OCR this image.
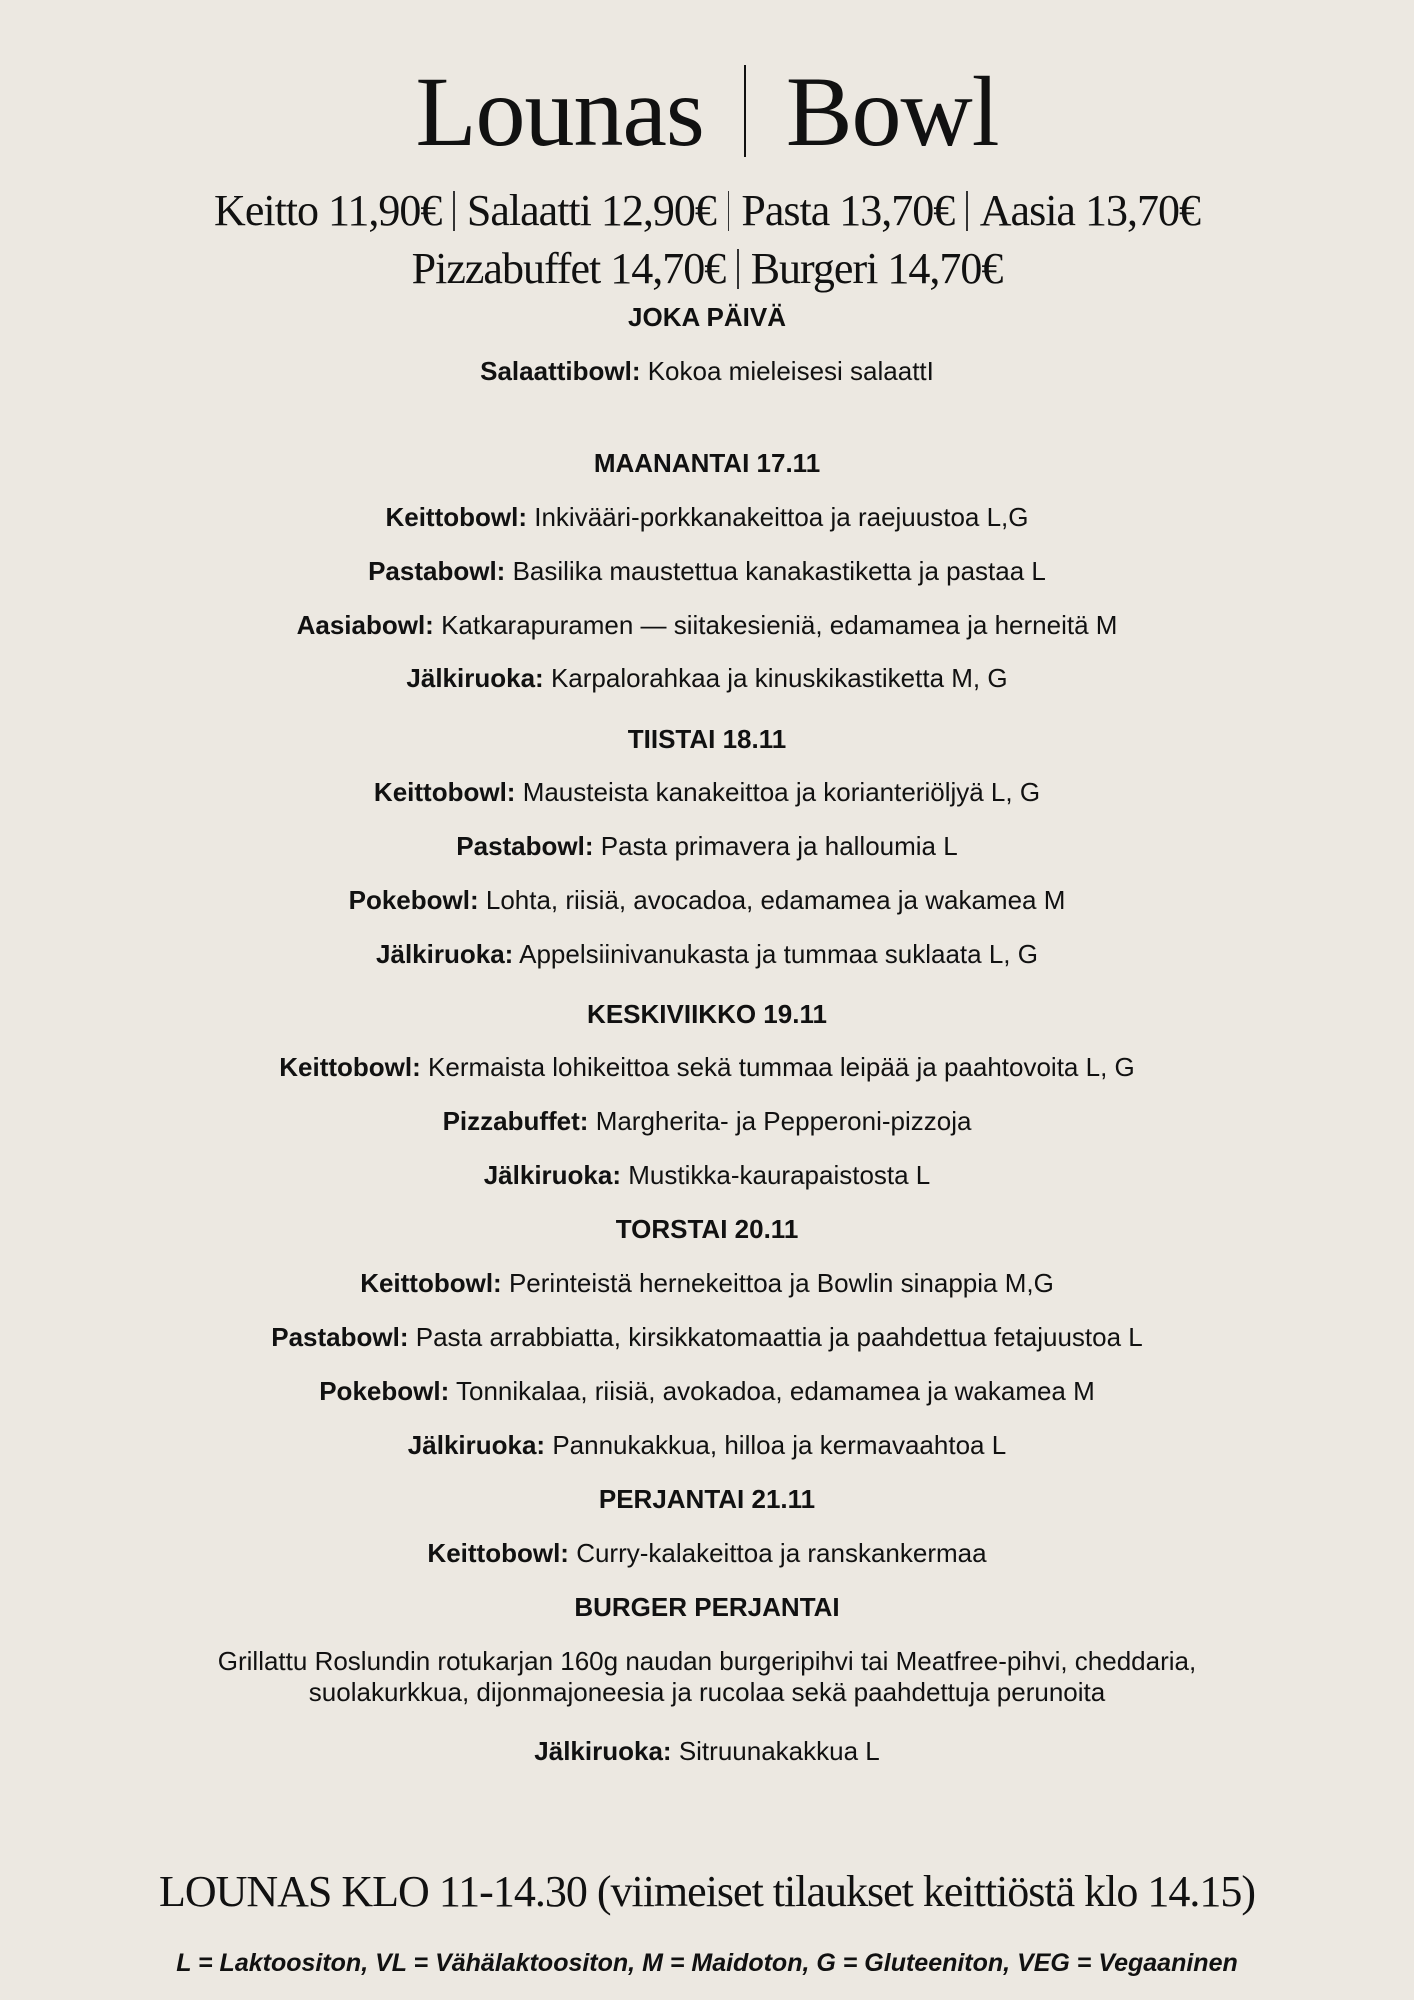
Lounas Bowl
Keitto 11,90€ Salaatti 12,90€ Pasta 13,70€ Aasia 13,70€
Pizzabuffet 14,70€ Burgeri 14,70€
JOKA PÄIVÄ
Salaattibowl: Kokoa mieleisesi salaattI
MAANANTAI 17.11
Keittobowl: Inkivääri-porkkanakeittoa ja raejuustoa L,G
Pastabowl: Basilika maustettua kanakastiketta ja pastaa L
Aasiabowl: Katkarapuramen — siitakesieniä, edamamea ja herneitä M
Jälkiruoka: Karpalorahkaa ja kinuskikastiketta M, G
TIISTAI 18.11
Keittobowl: Mausteista kanakeittoa ja korianteriöljyä L, G
Pastabowl: Pasta primavera ja halloumia L
Pokebowl: Lohta, riisiä, avocadoa, edamamea ja wakamea M
Jälkiruoka: Appelsiinivanukasta ja tummaa suklaata L, G
KESKIVIIKKO 19.11
Keittobowl: Kermaista lohikeittoa sekä tummaa leipää ja paahtovoita L, G
Pizzabuffet: Margherita- ja Pepperoni-pizzoja
Jälkiruoka: Mustikka-kaurapaistosta L
TORSTAI 20.11
Keittobowl: Perinteistä hernekeittoa ja Bowlin sinappia M,G
Pastabowl: Pasta arrabbiatta, kirsikkatomaattia ja paahdettua fetajuustoa L
Pokebowl: Tonnikalaa, riisiä, avokadoa, edamamea ja wakamea M
Jälkiruoka: Pannukakkua, hilloa ja kermavaahtoa L
PERJANTAI 21.11
Keittobowl: Curry-kalakeittoa ja ranskankermaa
BURGER PERJANTAI
Grillattu Roslundin rotukarjan 160g naudan burgeripihvi tai Meatfree-pihvi, cheddaria, suolakurkkua, dijonmajoneesia ja rucolaa sekä paahdettuja perunoita
Jälkiruoka: Sitruunakakkua L
LOUNAS KLO 11-14.30 (viimeiset tilaukset keittiöstä klo 14.15)
L = Laktoositon, VL = Vähälaktoositon, M = Maidoton, G = Gluteeniton, VEG = Vegaaninen
